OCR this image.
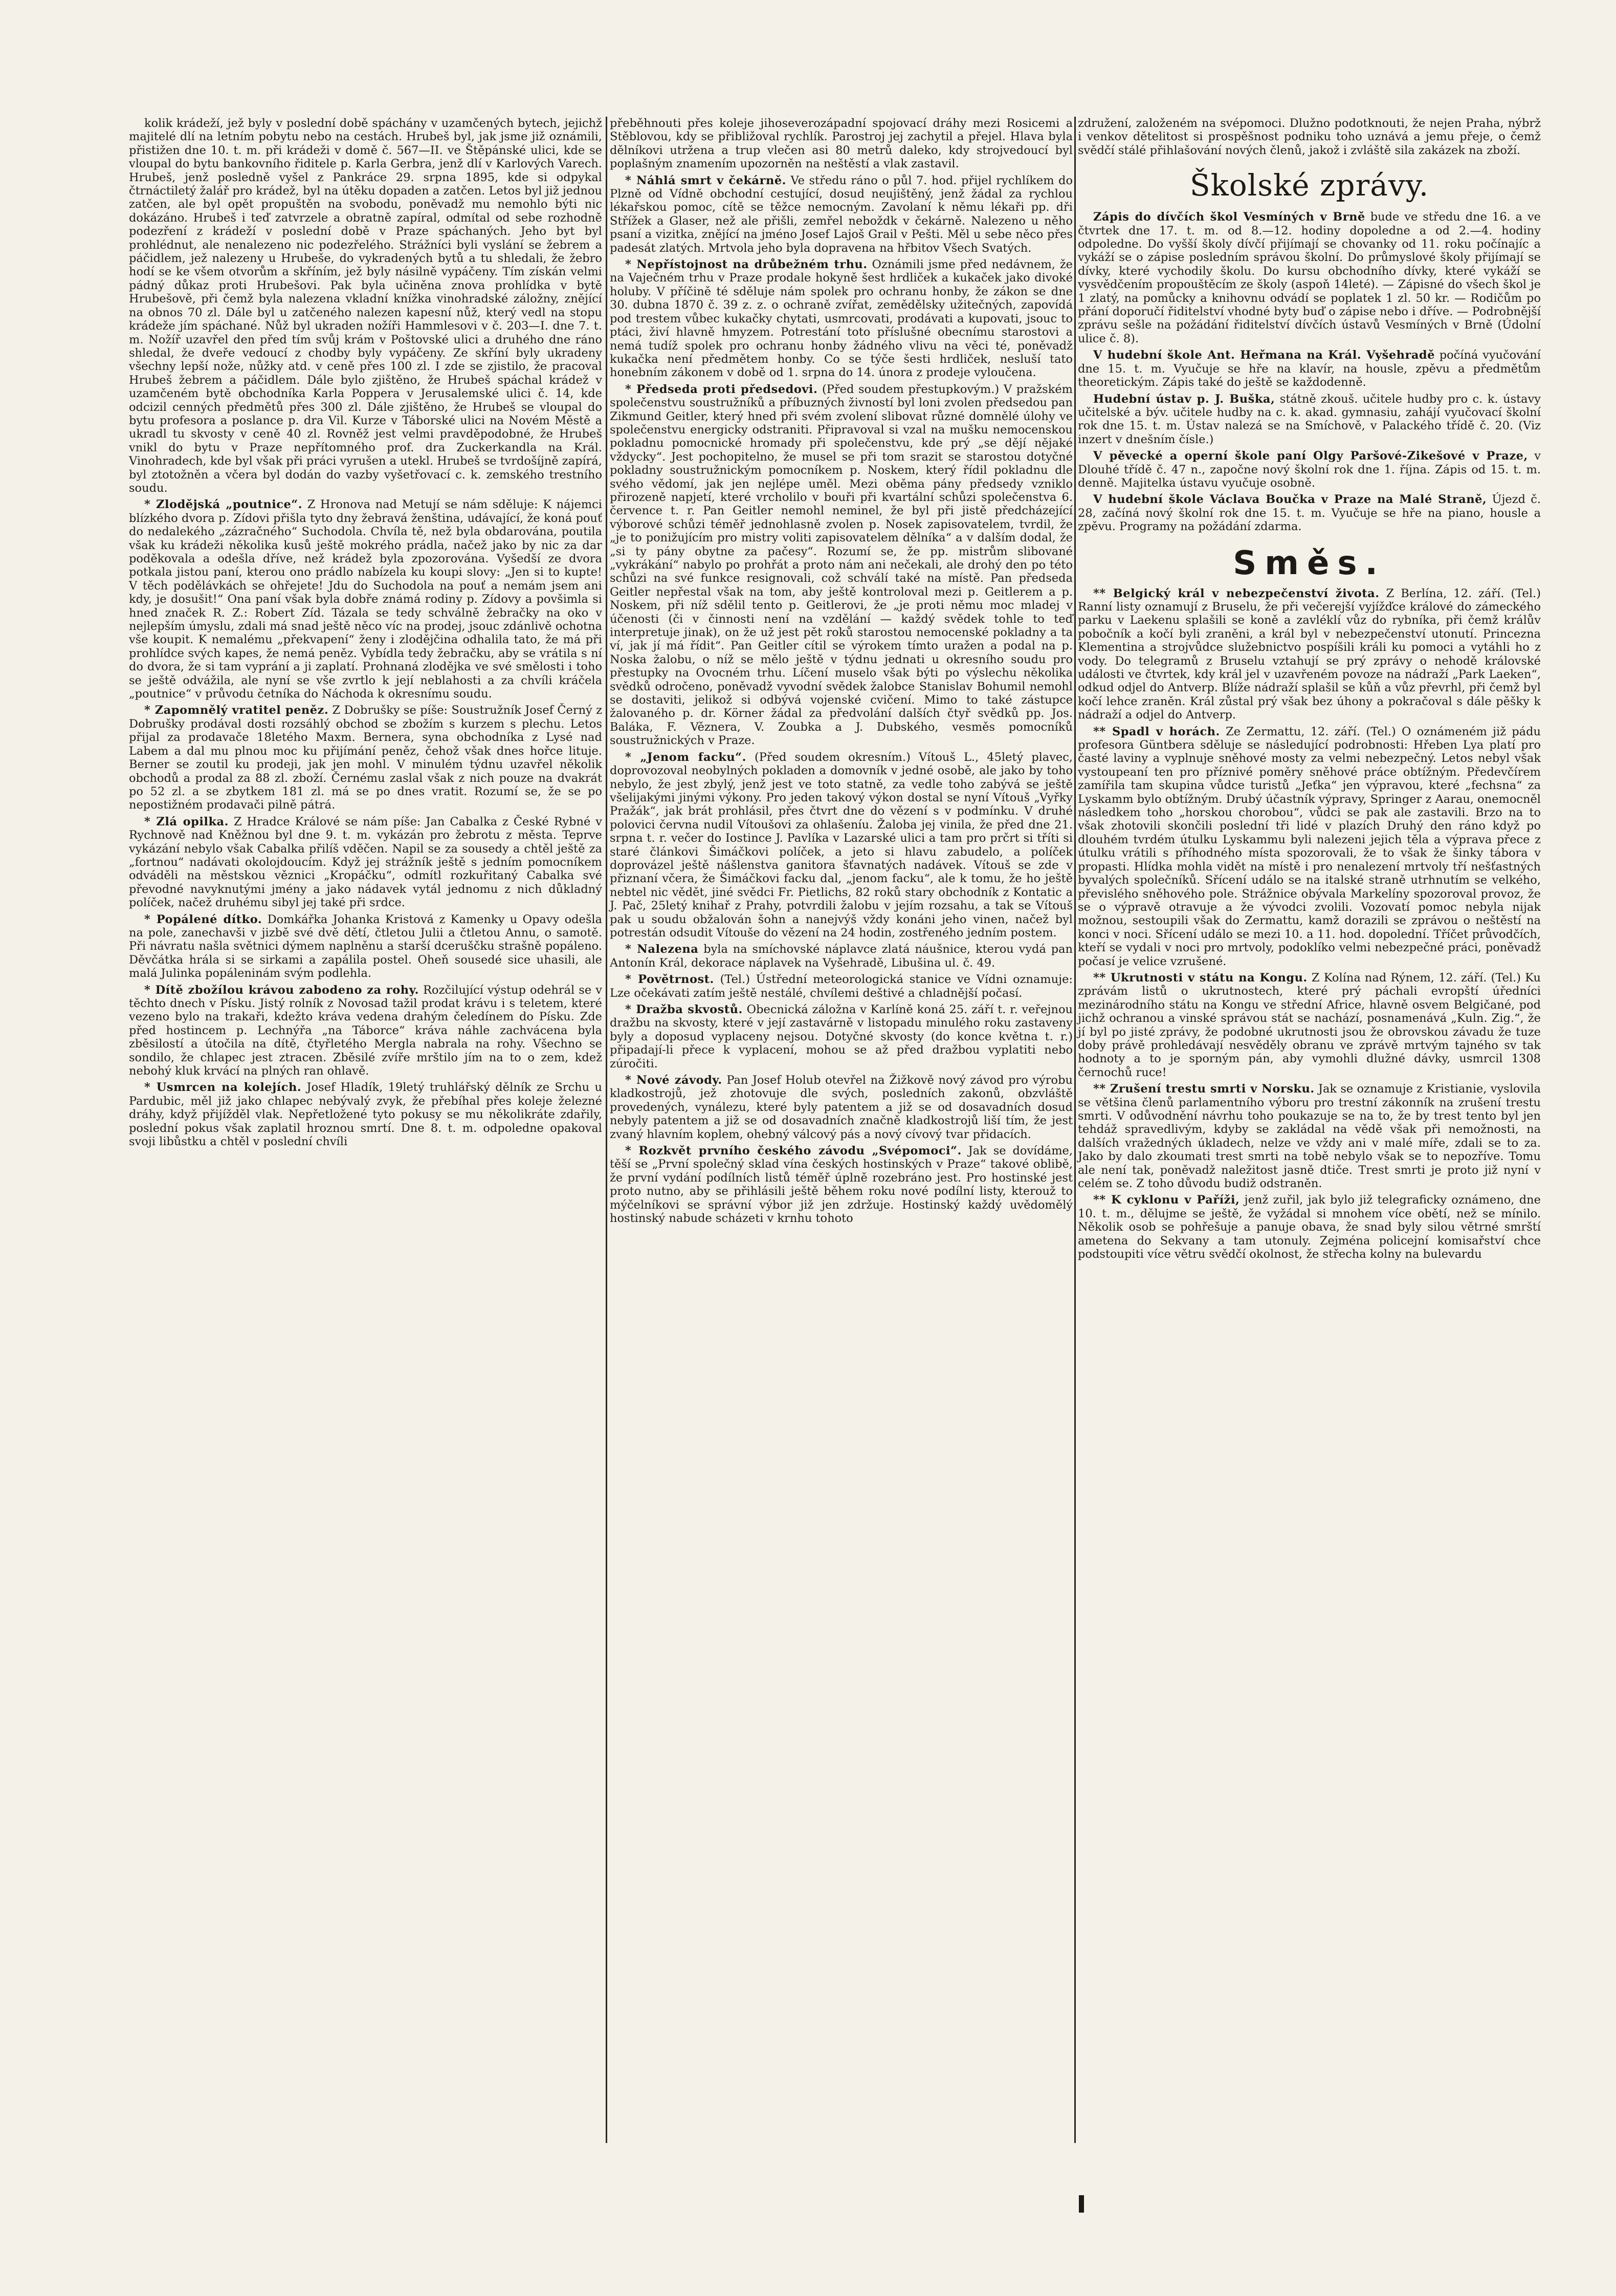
kolik krádeží, jež byly v poslední době spáchány v uzamčených bytech, jejichž majitelé dlí na letním pobytu nebo na cestách. Hrubeš byl, jak jsme již oznámili, přistižen dne 10. t. m. při krádeži v domě č. 567—II. ve Štěpánské ulici, kde se vloupal do bytu bankovního řiditele p. Karla Gerbra, jenž dlí v Karlových Varech. Hrubeš, jenž posledně vyšel z Pankráce 29. srpna 1895, kde si odpykal čtrnáctiletý žalář pro krádež, byl na útěku dopaden a zatčen. Letos byl již jednou zatčen, ale byl opět propuštěn na svobodu, poněvadž mu nemohlo býti nic dokázáno. Hrubeš i teď zatvrzele a obratně zapíral, odmítal od sebe rozhodně podezření z krádeží v poslední době v Praze spáchaných. Jeho byt byl prohlédnut, ale nenalezeno nic podezřelého. Strážníci byli vyslání se žebrem a páčidlem, jež nalezeny u Hrubeše, do vykradených bytů a tu shledali, že žebro hodí se ke všem otvorům a skříním, jež byly násilně vypáčeny. Tím získán velmi pádný důkaz proti Hrubešovi. Pak byla učiněna znova prohlídka v bytě Hrubešově, při čemž byla nalezena vkladní knížka vinohradské záložny, znějící na obnos 70 zl. Dále byl u zatčeného nalezen kapesní nůž, který vedl na stopu krádeže jím spáchané. Nůž byl ukraden nožíři Hammlesovi v č. 203—I. dne 7. t. m. Nožíř uzavřel den před tím svůj krám v Poštovské ulici a druhého dne ráno shledal, že dveře vedoucí z chodby byly vypáčeny. Ze skříní byly ukradeny všechny lepší nože, nůžky atd. v ceně přes 100 zl. I zde se zjistilo, že pracoval Hrubeš žebrem a páčidlem. Dále bylo zjištěno, že Hrubeš spáchal krádež v uzamčeném bytě obchodníka Karla Poppera v Jerusalemské ulici č. 14, kde odcizil cenných předmětů přes 300 zl. Dále zjištěno, že Hrubeš se vloupal do bytu profesora a poslance p. dra Vil. Kurze v Táborské ulici na Novém Městě a ukradl tu skvosty v ceně 40 zl. Rovněž jest velmi pravděpodobné, že Hrubeš vnikl do bytu v Praze nepřítomného prof. dra Zuckerkandla na Král. Vinohradech, kde byl však při práci vyrušen a utekl. Hrubeš se tvrdošíjně zapírá, byl ztotožněn a včera byl dodán do vazby vyšetřovací c. k. zemského trestního soudu.

* Zlodějská „poutnice“. Z Hronova nad Metují se nám sděluje: K nájemci blízkého dvora p. Zídovi přišla tyto dny žebravá ženština, udávající, že koná pouť do nedalekého „zázračného“ Suchodola. Chvíla tě, než byla obdarována, poutila však ku krádeži několika kusů ještě mokrého prádla, načež jako by nic za dar poděkovala a odešla dříve, než krádež byla zpozorována. Vyšedší ze dvora potkala jistou paní, kterou ono prádlo nabízela ku koupi slovy: „Jen si to kupte! V těch podělávkách se ohřejete! Jdu do Suchodola na pouť a nemám jsem ani kdy, je dosušit!“ Ona paní však byla dobře známá rodiny p. Zídovy a povšimla si hned značek R. Z.: Robert Zíd. Tázala se tedy schválně žebračky na oko v nejlepším úmyslu, zdali má snad ještě něco víc na prodej, jsouc zdánlivě ochotna vše koupit. K nemalému „překvapení“ ženy i zlodějčina odhalila tato, že má při prohlídce svých kapes, že nemá peněz. Vybídla tedy žebračku, aby se vrátila s ní do dvora, že si tam vyprání a ji zaplatí. Prohnaná zlodějka ve své smělosti i toho se ještě odvážila, ale nyní se vše zvrtlo k její neblahosti a za chvíli kráčela „poutnice“ v průvodu četníka do Náchoda k okresnímu soudu.

* Zapomnělý vratitel peněz. Z Dobrušky se píše: Soustružník Josef Černý z Dobrušky prodával dosti rozsáhlý obchod se zbožím s kurzem s plechu. Letos přijal za prodavače 18letého Maxm. Bernera, syna obchodníka z Lysé nad Labem a dal mu plnou moc ku přijímání peněz, čehož však dnes hořce lituje. Berner se zoutil ku prodeji, jak jen mohl. V minulém týdnu uzavřel několik obchodů a prodal za 88 zl. zboží. Černému zaslal však z nich pouze na dvakrát po 52 zl. a se zbytkem 181 zl. má se po dnes vratit. Rozumí se, že se po nepostižném prodavači pilně pátrá.

* Zlá opilka. Z Hradce Králové se nám píše: Jan Cabalka z České Rybné v Rychnově nad Kněžnou byl dne 9. t. m. vykázán pro žebrotu z města. Teprve vykázání nebylo však Cabalka přilíš vděčen. Napil se za sousedy a chtěl ještě za „fortnou“ nadávati okolojdoucím. Když jej strážník ještě s jedním pomocníkem odváděli na městskou věznici „Kropáčku“, odmítl rozkuřitaný Cabalka své převodné navyknutými jmény a jako nádavek vytál jednomu z nich důkladný políček, načež druhému sibyl jej také při srdce.

* Popálené dítko. Domkářka Johanka Kristová z Kamenky u Opavy odešla na pole, zanechavši v jizbě své dvě dětí, čtletou Julii a čtletou Annu, o samotě. Při návratu našla světnici dýmem naplněnu a starší dceruščku strašně popáleno. Děvčátka hrála si se sirkami a zapálila postel. Oheň sousedé sice uhasili, ale malá Julinka popáleninám svým podlehla.

* Dítě zbožílou krávou zabodeno za rohy. Rozčilující výstup odehrál se v těchto dnech v Písku. Jistý rolník z Novosad tažil prodat krávu i s teletem, které vezeno bylo na trakaři, kdežto kráva vedena drahým čeledínem do Písku. Zde před hostincem p. Lechnýřa „na Táborce“ kráva náhle zachvácena byla zběsilostí a útočila na dítě, čtyřletého Mergla nabrala na rohy. Všechno se sondilo, že chlapec jest ztracen. Zběsilé zvíře mrštilo jím na to o zem, kdež nebohý kluk krvácí na plných ran ohlavě.

* Usmrcen na kolejích. Josef Hladík, 19letý truhlářský dělník ze Srchu u Pardubic, měl již jako chlapec nebývalý zvyk, že přebíhal přes koleje železné dráhy, když přijížděl vlak. Nepřetložené tyto pokusy se mu několikráte zdařily, poslední pokus však zaplatil hroznou smrtí. Dne 8. t. m. odpoledne opakoval svoji libůstku a chtěl v poslední chvíli

přeběhnouti přes koleje jihoseverozápadní spojovací dráhy mezi Rosicemi a Stěblovou, kdy se přibližoval rychlík. Parostroj jej zachytil a přejel. Hlava byla dělníkovi utržena a trup vlečen asi 80 metrů daleko, kdy strojvedoucí byl poplašným znamením upozorněn na neštěstí a vlak zastavil.

* Náhlá smrt v čekárně. Ve středu ráno o půl 7. hod. přijel rychlíkem do Plzně od Vídně obchodní cestující, dosud neujištěný, jenž žádal za rychlou lékařskou pomoc, cítě se těžce nemocným. Zavolaní k němu lékaři pp. dři Střížek a Glaser, než ale přišli, zemřel neboždk v čekárně. Nalezeno u něho psaní a vizitka, znějící na jméno Josef Lajoš Grail v Pešti. Měl u sebe něco přes padesát zlatých. Mrtvola jeho byla dopravena na hřbitov Všech Svatých.

* Nepřístojnost na drůbežném trhu. Oznámili jsme před nedávnem, že na Vaječném trhu v Praze prodale hokyně šest hrdliček a kukaček jako divoké holuby. V příčině té sděluje nám spolek pro ochranu honby, že zákon se dne 30. dubna 1870 č. 39 z. z. o ochraně zvířat, zemědělsky užitečných, zapovídá pod trestem vůbec kukačky chytati, usmrcovati, prodávati a kupovati, jsouc to ptáci, živí hlavně hmyzem. Potrestání toto příslušné obecnímu starostovi a nemá tudíž spolek pro ochranu honby žádného vlivu na věci té, poněvadž kukačka není předmětem honby. Co se týče šesti hrdliček, nesluší tato honebním zákonem v době od 1. srpna do 14. února z prodeje vyloučena.

* Předseda proti předsedovi. (Před soudem přestupkovým.) V pražském společenstvu soustružníků a příbuzných živností byl loni zvolen předsedou pan Zikmund Geitler, který hned při svém zvolení slibovat různé domnělé úlohy ve společenstvu energicky odstraniti. Připravoval si vzal na mušku nemocenskou pokladnu pomocnické hromady při společenstvu, kde prý „se dějí nějaké vždycky“. Jest pochopitelno, že musel se při tom srazit se starostou dotyčné pokladny soustružnickým pomocníkem p. Noskem, který řídil pokladnu dle svého vědomí, jak jen nejlépe uměl. Mezi oběma pány předsedy vzniklo přirozeně napjetí, které vrcholilo v bouři při kvartální schůzi společenstva 6. července t. r. Pan Geitler nemohl neminel, že byl při jistě předcházející výborové schůzi téměř jednohlasně zvolen p. Nosek zapisovatelem, tvrdil, že „je to ponižujícím pro mistry voliti zapisovatelem dělníka“ a v dalším dodal, že „si ty pány obytne za pačesy“. Rozumí se, že pp. mistrům slibované „vykrákání“ nabylo po prohřát a proto nám ani nečekali, ale drohý den po této schůzi na své funkce resignovali, což schválí také na místě. Pan předseda Geitler nepřestal však na tom, aby ještě kontroloval mezi p. Geitlerem a p. Noskem, při níž sdělil tento p. Geitlerovi, že „je proti němu moc mladej v účenosti (či v činnosti není na vzdělání — každý svědek tohle to teď interpretuje jinak), on že už jest pět roků starostou nemocenské pokladny a ta ví, jak jí má řídit“. Pan Geitler cítil se výrokem tímto uražen a podal na p. Noska žalobu, o níž se mělo ještě v týdnu jednati u okresního soudu pro přestupky na Ovocném trhu. Líčení muselo však býti po výslechu několika svědků odročeno, poněvadž vyvodní svědek žalobce Stanislav Bohumil nemohl se dostaviti, jelikož si odbývá vojenské cvičení. Mimo to také zástupce žalovaného p. dr. Körner žádal za předvolání dalších čtyř svědků pp. Jos. Baláka, F. Věznera, V. Zoubka a J. Dubského, vesměs pomocníků soustružnických v Praze.

* „Jenom facku“. (Před soudem okresním.) Vítouš L., 45letý plavec, doprovozoval neobylných pokladen a domovník v jedné osobě, ale jako by toho nebylo, že jest zbylý, jenž jest ve toto statně, za vedle toho zabývá se ještě všelijakými jinými výkony. Pro jeden takový výkon dostal se nyní Vítouš „Vyřky Pražák“, jak brát prohlásil, přes čtvrt dne do vězení s v podmínku. V druhé polovici června nudil Vítoušovi za ohlašeníu. Žaloba jej vinila, že před dne 21. srpna t. r. večer do Iostince J. Pavlíka v Lazarské ulici a tam pro prčrt si tříti si staré článkovi Šimáčkovi políček, a jeto si hlavu zabudelo, a políček doprovázel ještě nášlenstva ganitora šťavnatých nadávek. Vítouš se zde v přiznaní včera, že Šimáčkovi facku dal, „jenom facku“, ale k tomu, že ho ještě nebtel nic vědět, jiné svědci Fr. Pietlichs, 82 roků stary obchodník z Kontatic a J. Pač, 25letý knihař z Prahy, potvrdili žalobu v jejím rozsahu, a tak se Vítouš pak u soudu obžalován šohn a nanejvýš vždy konáni jeho vinen, načež byl potrestán odsudit Vítouše do vězení na 24 hodin, zostřeného jedním postem.

* Nalezena byla na smíchovské náplavce zlatá náušnice, kterou vydá pan Antonín Král, dekorace náplavek na Vyšehradě, Libušina ul. č. 49.

* Povětrnost. (Tel.) Ústřední meteorologická stanice ve Vídni oznamuje: Lze očekávati zatím ještě nestálé, chvílemi deštivé a chladnější počasí.

* Dražba skvostů. Obecnická záložna v Karlíně koná 25. září t. r. veřejnou dražbu na skvosty, které v její zastavárně v listopadu minulého roku zastaveny byly a doposud vyplaceny nejsou. Dotyčné skvosty (do konce května t. r.) připadají-li přece k vyplacení, mohou se až před dražbou vyplatiti nebo zúročiti.

* Nové závody. Pan Josef Holub otevřel na Žižkově nový závod pro výrobu kladkostrojů, jež zhotovuje dle svých, posledních zakonů, obzvláště provedených, vynálezu, které byly patentem a již se od dosavadních dosud nebyly patentem a již se od dosavadních značně kladkostrojů liší tím, že jest zvaný hlavním koplem, ohebný válcový pás a nový cívový tvar přidacích.

* Rozkvět prvního českého závodu „Svépomoci“. Jak se dovídáme, těší se „První společný sklad vína českých hostinských v Praze“ takové oblibě, že první vydání podílních listů téměř úplně rozebráno jest. Pro hostinské jest proto nutno, aby se přihlásili ještě během roku nové podílní listy, kterouž to mýčelníkovi se správní výbor již jen zdržuje. Hostinský každý uvědomělý hostinský nabude scházeti v krnhu tohoto

združení, založeném na svépomoci. Dlužno podotknouti, že nejen Praha, nýbrž i venkov dětelitost si prospěšnost podniku toho uznává a jemu přeje, o čemž svědčí stálé přihlašování nových členů, jakož i zvláště sila zakázek na zboží.

Školské zprávy.

Zápis do dívčích škol Vesmíných v Brně bude ve středu dne 16. a ve čtvrtek dne 17. t. m. od 8.—12. hodiny dopoledne a od 2.—4. hodiny odpoledne. Do vyšší školy dívčí přijímají se chovanky od 11. roku počínajíc a vykáží se o zápise posledním správou školní. Do průmyslové školy přijímají se dívky, které vychodily školu. Do kursu obchodního dívky, které vykáží se vysvědčením propouštěcím ze školy (aspoň 14leté). — Zápisné do všech škol je 1 zlatý, na pomůcky a knihovnu odvádí se poplatek 1 zl. 50 kr. — Rodičům po přání doporučí řiditelství vhodné byty buď o zápise nebo i dříve. — Podrobnější zprávu sešle na požádání řiditelství dívčích ústavů Vesmíných v Brně (Údolní ulice č. 8).

V hudební škole Ant. Heřmana na Král. Vyšehradě počíná vyučování dne 15. t. m. Vyučuje se hře na klavír, na housle, zpěvu a předmětům theoretickým. Zápis také do ještě se každodenně.

Hudební ústav p. J. Buška, státně zkouš. učitele hudby pro c. k. ústavy učitelské a býv. učitele hudby na c. k. akad. gymnasiu, zahájí vyučovací školní rok dne 15. t. m. Ústav nalezá se na Smíchově, v Palackého třídě č. 20. (Viz inzert v dnešním čísle.)

V pěvecké a operní škole paní Olgy Paršové-Zikešové v Praze, v Dlouhé třídě č. 47 n., započne nový školní rok dne 1. října. Zápis od 15. t. m. denně. Majitelka ústavu vyučuje osobně.

V hudební škole Václava Boučka v Praze na Malé Straně, Újezd č. 28, začíná nový školní rok dne 15. t. m. Vyučuje se hře na piano, housle a zpěvu. Programy na požádání zdarma.

Směs.

** Belgický král v nebezpečenství života. Z Berlína, 12. září. (Tel.) Ranní listy oznamují z Bruselu, že při večerejší vyjížďce králové do zámeckého parku v Laekenu splašili se koně a zavléklí vůz do rybníka, při čemž králův pobočník a kočí byli zraněni, a král byl v nebezpečenství utonutí. Princezna Klementina a strojvůdce služebnictvo pospíšili králi ku pomoci a vytáhli ho z vody. Do telegramů z Bruselu vztahují se prý zprávy o nehodě královské události ve čtvrtek, kdy král jel v uzavřeném povoze na nádraží „Park Laeken“, odkud odjel do Antverp. Blíže nádraží splašil se kůň a vůz převrhl, při čemž byl kočí lehce zraněn. Král zůstal prý však bez úhony a pokračoval s dále pěšky k nádraží a odjel do Antverp.

** Spadl v horách. Ze Zermattu, 12. září. (Tel.) O oznámeném již pádu profesora Güntbera sděluje se následující podrobnosti: Hřeben Lya platí pro časté laviny a vyplnuje sněhové mosty za velmi nebezpečný. Letos nebyl však vystoupeaní ten pro příznivé poměry sněhové práce obtížným. Předevčírem zamířila tam skupina vůdce turistů „Jeťka“ jen výpravou, které „fechsna“ za Lyskamm bylo obtížným. Drubý účastník výpravy, Springer z Aarau, onemocněl následkem toho „horskou chorobou“, vůdci se pak ale zastavili. Brzo na to však zhotovili skončili poslední tři lidé v plazích Druhý den ráno když po dlouhém tvrdém útulku Lyskammu byli nalezeni jejich těla a výprava přece z útulku vrátili s příhodného místa spozorovali, že to však že šinky tábora v propasti. Hlídka mohla vidět na místě i pro nenalezení mrtvoly tří nešťastných byvalých společníků. Sřícení událo se na italské straně utrhnutím se velkého, převislého sněhového pole. Strážnice obývala Markelíny spozoroval provoz, že se o výpravě otravuje a že vývodci zvolili. Vozovatí pomoc nebyla nijak možnou, sestoupili však do Zermattu, kamž dorazili se zprávou o neštěstí na konci v noci. Sřícení událo se mezi 10. a 11. hod. dopolední. Tříčet průvodčích, kteří se vydali v noci pro mrtvoly, podoklíko velmi nebezpečné práci, poněvadž počasí je velice vzrušené.

** Ukrutnosti v státu na Kongu. Z Kolína nad Rýnem, 12. září. (Tel.) Ku zprávám listů o ukrutnostech, které prý páchali evropští úředníci mezinárodního státu na Kongu ve střední Africe, hlavně osvem Belgičané, pod jichž ochranou a vinské správou stát se nachází, posnamenává „Kuln. Zig.“, že jí byl po jisté zprávy, že podobné ukrutnosti jsou že obrovskou závadu že tuze doby právě prohledávají nesvěděly obranu ve zprávě mrtvým tajného sv tak hodnoty a to je sporným pán, aby vymohli dlužné dávky, usmrcil 1308 černochů ruce!

** Zrušení trestu smrti v Norsku. Jak se oznamuje z Kristianie, vyslovila se většina členů parlamentního výboru pro trestní zákonník na zrušení trestu smrti. V odůvodnění návrhu toho poukazuje se na to, že by trest tento byl jen tehdáž spravedlivým, kdyby se zakládal na vědě však při nemožnosti, na dalších vražedných úkladech, nelze ve vždy ani v malé míře, zdali se to za. Jako by dalo zkoumati trest smrti na tobě nebylo však se to nepozříve. Tomu ale není tak, poněvadž naležitost jasně dtiče. Trest smrti je proto již nyní v celém se. Z toho důvodu budiž odstraněn.

** K cyklonu v Paříži, jenž zuřil, jak bylo již telegraficky oznámeno, dne 10. t. m., dělujme se ještě, že vyžádal si mnohem více obětí, než se mínilo. Několik osob se pohřešuje a panuje obava, že snad byly silou větrné smrští ametena do Sekvany a tam utonuly. Zejména policejní komisařství chce podstoupiti více větru svědčí okolnost, že střecha kolny na bulevardu
